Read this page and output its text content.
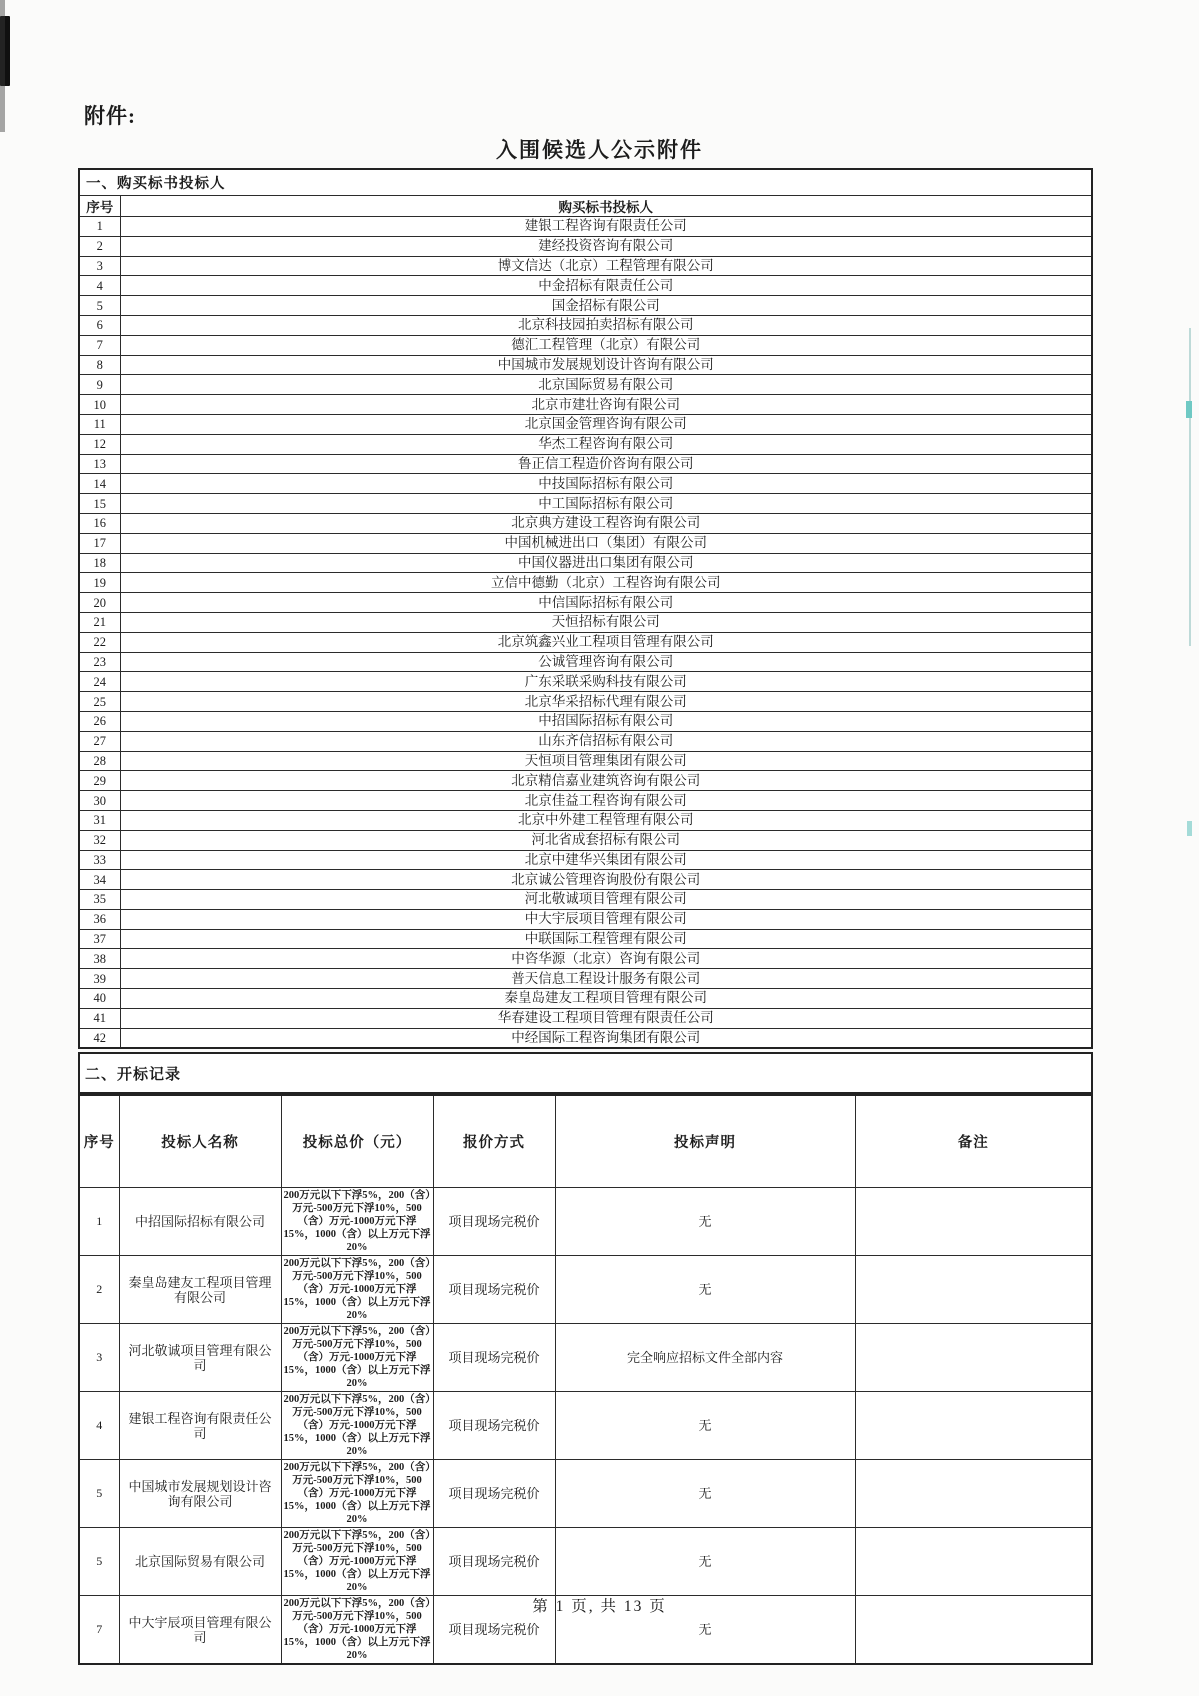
附件:
入围候选人公示附件
一、购买标书投标人	
序号	购买标书投标人
1	建银工程咨询有限责任公司
2	建经投资咨询有限公司
3	博文信达（北京）工程管理有限公司
4	中金招标有限责任公司
5	国金招标有限公司
6	北京科技园拍卖招标有限公司
7	德汇工程管理（北京）有限公司
8	中国城市发展规划设计咨询有限公司
9	北京国际贸易有限公司
10	北京市建壮咨询有限公司
11	北京国金管理咨询有限公司
12	华杰工程咨询有限公司
13	鲁正信工程造价咨询有限公司
14	中技国际招标有限公司
15	中工国际招标有限公司
16	北京典方建设工程咨询有限公司
17	中国机械进出口（集团）有限公司
18	中国仪器进出口集团有限公司
19	立信中德勤（北京）工程咨询有限公司
20	中信国际招标有限公司
21	天恒招标有限公司
22	北京筑鑫兴业工程项目管理有限公司
23	公诚管理咨询有限公司
24	广东采联采购科技有限公司
25	北京华采招标代理有限公司
26	中招国际招标有限公司
27	山东齐信招标有限公司
28	天恒项目管理集团有限公司
29	北京精信嘉业建筑咨询有限公司
30	北京佳益工程咨询有限公司
31	北京中外建工程管理有限公司
32	河北省成套招标有限公司
33	北京中建华兴集团有限公司
34	北京诚公管理咨询股份有限公司
35	河北敬诚项目管理有限公司
36	中大宇辰项目管理有限公司
37	中联国际工程管理有限公司
38	中咨华源（北京）咨询有限公司
39	普天信息工程设计服务有限公司
40	秦皇岛建友工程项目管理有限公司
41	华春建设工程项目管理有限责任公司
42	中经国际工程咨询集团有限公司
二、开标记录
序号	投标人名称	投标总价（元）	报价方式	投标声明	备注
1	中招国际招标有限公司	200万元以下下浮5%，200（含）万元-500万元下浮10%，500（含）万元-1000万元下浮15%，1000（含）以上万元下浮20%	项目现场完税价	无	
2	秦皇岛建友工程项目管理有限公司	200万元以下下浮5%，200（含）万元-500万元下浮10%，500（含）万元-1000万元下浮15%，1000（含）以上万元下浮20%	项目现场完税价	无	
3	河北敬诚项目管理有限公司	200万元以下下浮5%，200（含）万元-500万元下浮10%，500（含）万元-1000万元下浮15%，1000（含）以上万元下浮20%	项目现场完税价	完全响应招标文件全部内容	
4	建银工程咨询有限责任公司	200万元以下下浮5%，200（含）万元-500万元下浮10%，500（含）万元-1000万元下浮15%，1000（含）以上万元下浮20%	项目现场完税价	无	
5	中国城市发展规划设计咨询有限公司	200万元以下下浮5%，200（含）万元-500万元下浮10%，500（含）万元-1000万元下浮15%，1000（含）以上万元下浮20%	项目现场完税价	无	
5	北京国际贸易有限公司	200万元以下下浮5%，200（含）万元-500万元下浮10%，500（含）万元-1000万元下浮15%，1000（含）以上万元下浮20%	项目现场完税价	无	
7	中大宇辰项目管理有限公司	200万元以下下浮5%，200（含）万元-500万元下浮10%，500（含）万元-1000万元下浮15%，1000（含）以上万元下浮20%	项目现场完税价	无	
第 1 页, 共 13 页
